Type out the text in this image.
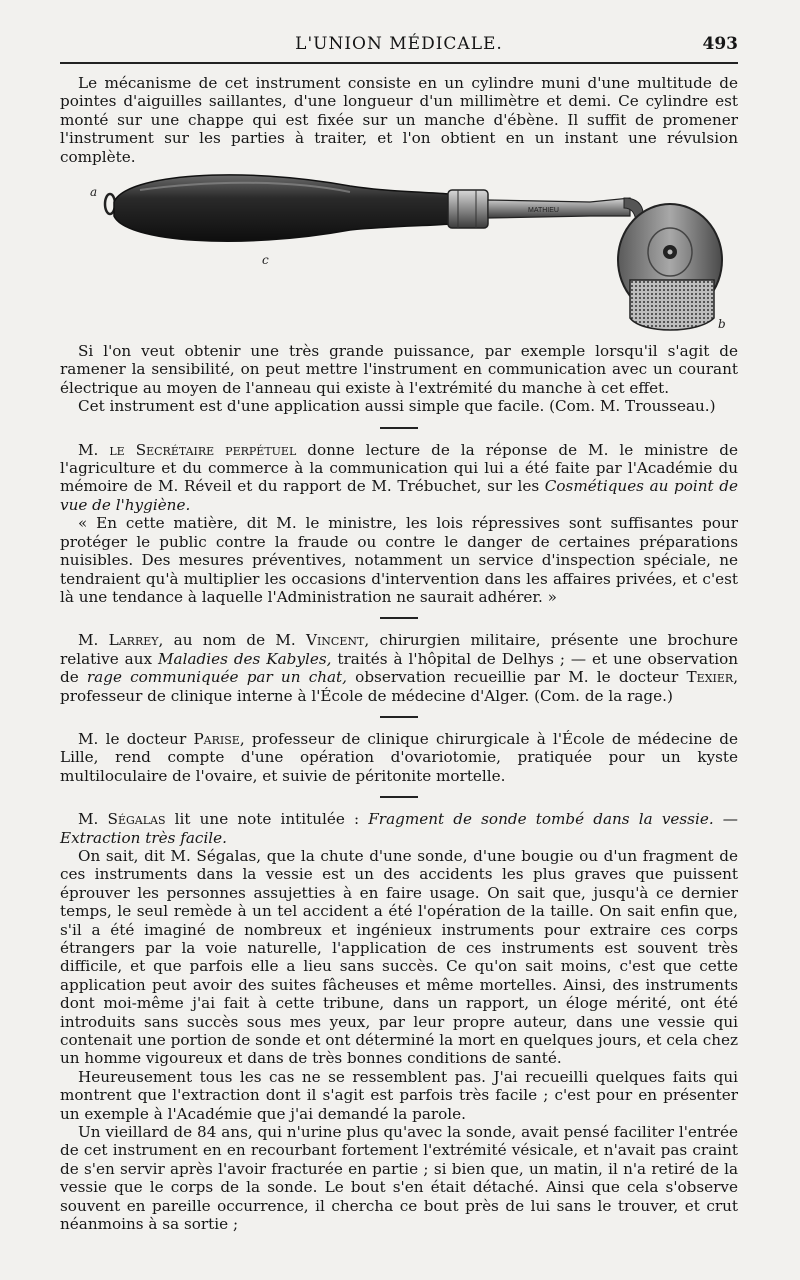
L'UNION MÉDICALE.	493

Le mécanisme de cet instrument consiste en un cylindre muni d'une multitude de pointes d'aiguilles saillantes, d'une longueur d'un millimètre et demi. Ce cylindre est monté sur une chappe qui est fixée sur un manche d'ébène. Il suffit de promener l'instrument sur les parties à traiter, et l'on obtient en un instant une révulsion complète.

MATHIEU
a
c
b

Si l'on veut obtenir une très grande puissance, par exemple lorsqu'il s'agit de ramener la sensibilité, on peut mettre l'instrument en communication avec un courant électrique au moyen de l'anneau qui existe à l'extrémité du manche à cet effet.

Cet instrument est d'une application aussi simple que facile. (Com. M. Trousseau.)

M. le Secrétaire perpétuel donne lecture de la réponse de M. le ministre de l'agriculture et du commerce à la communication qui lui a été faite par l'Académie du mémoire de M. Réveil et du rapport de M. Trébuchet, sur les Cosmétiques au point de vue de l'hygiène.

« En cette matière, dit M. le ministre, les lois répressives sont suffisantes pour protéger le public contre la fraude ou contre le danger de certaines préparations nuisibles. Des mesures préventives, notamment un service d'inspection spéciale, ne tendraient qu'à multiplier les occasions d'intervention dans les affaires privées, et c'est là une tendance à laquelle l'Administration ne saurait adhérer. »

M. Larrey, au nom de M. Vincent, chirurgien militaire, présente une brochure relative aux Maladies des Kabyles, traités à l'hôpital de Delhys ; — et une observation de rage communiquée par un chat, observation recueillie par M. le docteur Texier, professeur de clinique interne à l'École de médecine d'Alger. (Com. de la rage.)

M. le docteur Parise, professeur de clinique chirurgicale à l'École de médecine de Lille, rend compte d'une opération d'ovariotomie, pratiquée pour un kyste multiloculaire de l'ovaire, et suivie de péritonite mortelle.

M. Ségalas lit une note intitulée : Fragment de sonde tombé dans la vessie. — Extraction très facile.

On sait, dit M. Ségalas, que la chute d'une sonde, d'une bougie ou d'un fragment de ces instruments dans la vessie est un des accidents les plus graves que puissent éprouver les personnes assujetties à en faire usage. On sait que, jusqu'à ce dernier temps, le seul remède à un tel accident a été l'opération de la taille. On sait enfin que, s'il a été imaginé de nombreux et ingénieux instruments pour extraire ces corps étrangers par la voie naturelle, l'application de ces instruments est souvent très difficile, et que parfois elle a lieu sans succès. Ce qu'on sait moins, c'est que cette application peut avoir des suites fâcheuses et même mortelles. Ainsi, des instruments dont moi-même j'ai fait à cette tribune, dans un rapport, un éloge mérité, ont été introduits sans succès sous mes yeux, par leur propre auteur, dans une vessie qui contenait une portion de sonde et ont déterminé la mort en quelques jours, et cela chez un homme vigoureux et dans de très bonnes conditions de santé.

Heureusement tous les cas ne se ressemblent pas. J'ai recueilli quelques faits qui montrent que l'extraction dont il s'agit est parfois très facile ; c'est pour en présenter un exemple à l'Académie que j'ai demandé la parole.

Un vieillard de 84 ans, qui n'urine plus qu'avec la sonde, avait pensé faciliter l'entrée de cet instrument en en recourbant fortement l'extrémité vésicale, et n'avait pas craint de s'en servir après l'avoir fracturée en partie ; si bien que, un matin, il n'a retiré de la vessie que le corps de la sonde. Le bout s'en était détaché. Ainsi que cela s'observe souvent en pareille occurrence, il chercha ce bout près de lui sans le trouver, et crut néanmoins à sa sortie ;
